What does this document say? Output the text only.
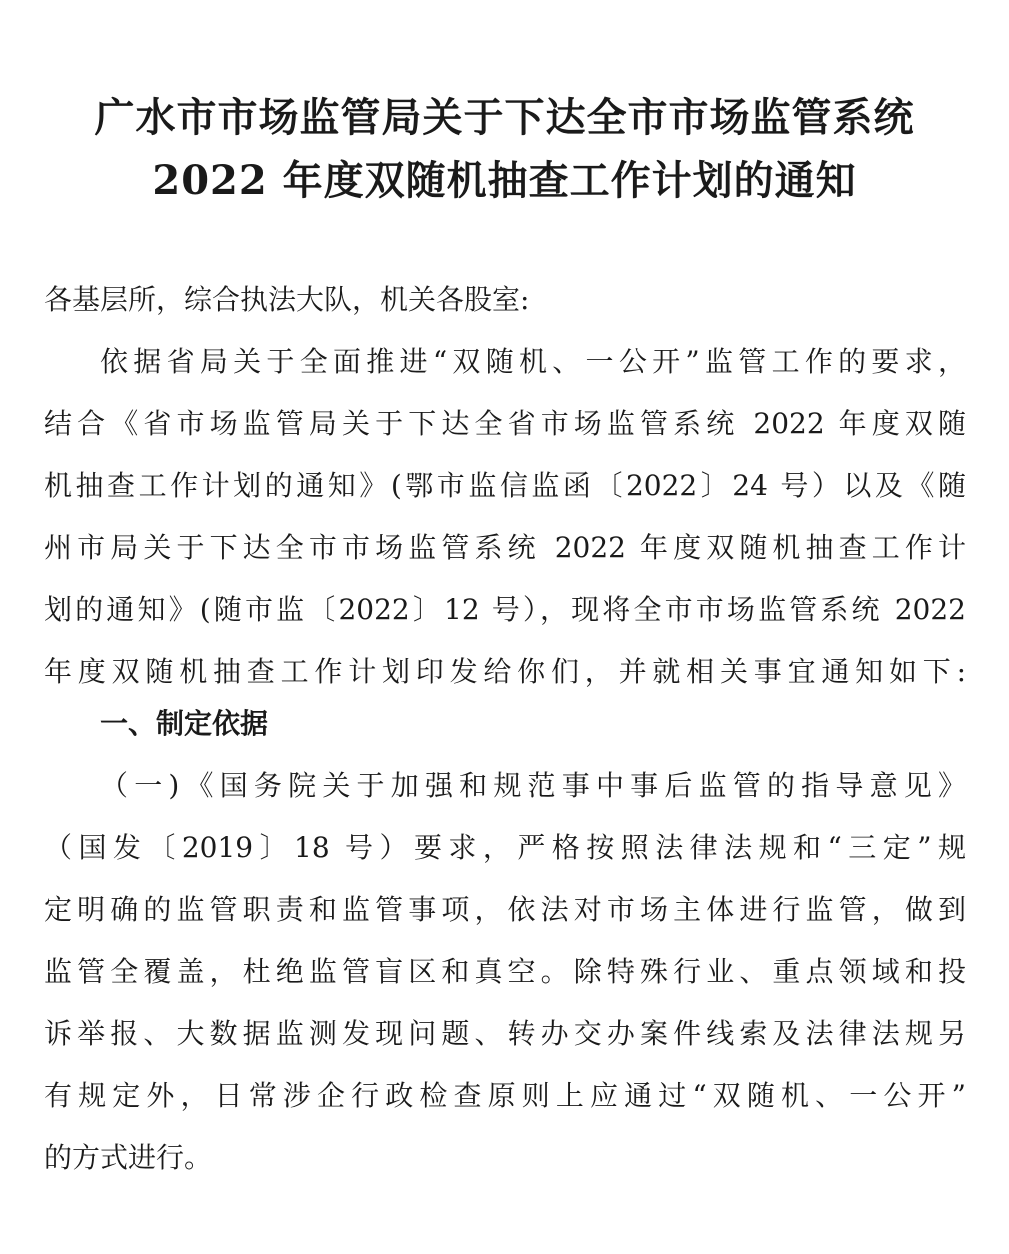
广水市市场监管局关于下达全市市场监管系统
2022 年度双随机抽查工作计划的通知

各基层所，综合执法大队，机关各股室:

依据省局关于全面推进“双随机、一公开”监管工作的要求，

结合《省市场监管局关于下达全省市场监管系统 2022 年度双随

机抽查工作计划的通知》(鄂市监信监函〔2022〕24 号）以及《随

州市局关于下达全市市场监管系统 2022 年度双随机抽查工作计

划的通知》(随市监〔2022〕12 号），现将全市市场监管系统 2022

年度双随机抽查工作计划印发给你们，并就相关事宜通知如下:

一、制定依据

（一)《国务院关于加强和规范事中事后监管的指导意见》

（国发〔2019〕18 号）要求，严格按照法律法规和“三定”规

定明确的监管职责和监管事项，依法对市场主体进行监管，做到

监管全覆盖，杜绝监管盲区和真空。除特殊行业、重点领域和投

诉举报、大数据监测发现问题、转办交办案件线索及法律法规另

有规定外，日常涉企行政检查原则上应通过“双随机、一公开”

的方式进行。
